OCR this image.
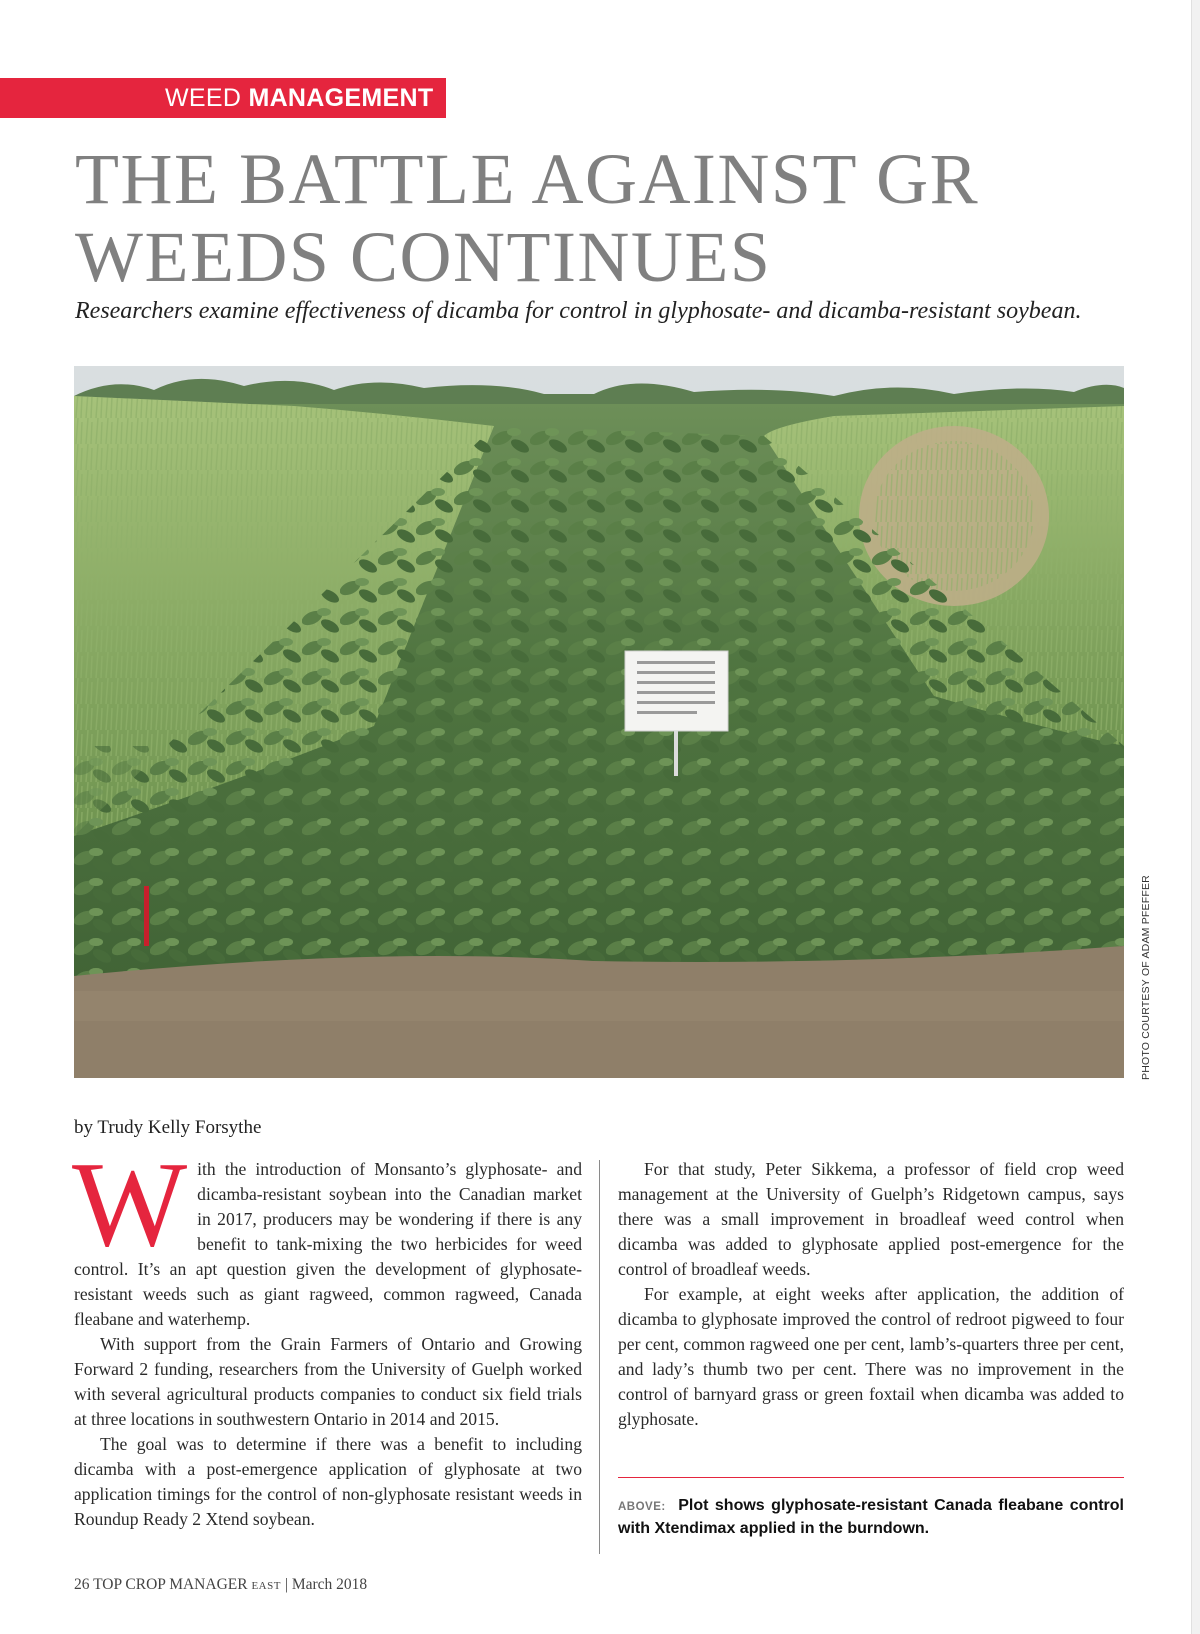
WEED MANAGEMENT
THE BATTLE AGAINST GR
WEEDS CONTINUES

Researchers examine effectiveness of dicamba for control in glyphosate- and dicamba-resistant soybean.

PHOTO COURTESY OF ADAM PFEFFER
by Trudy Kelly Forsythe

W ith the introduction of Monsanto’s glyphosate- and dicamba-resistant soybean into the Canadian market in 2017, producers may be wondering if there is any benefit to tank-mixing the two herbicides for weed control. It’s an apt question given the development of glyphosate-resistant weeds such as giant ragweed, common ragweed, Canada fleabane and waterhemp.

With support from the Grain Farmers of Ontario and Growing Forward 2 funding, researchers from the University of Guelph worked with several agricultural products companies to conduct six field trials at three locations in southwestern Ontario in 2014 and 2015.

The goal was to determine if there was a benefit to including dicamba with a post-emergence application of glyphosate at two application timings for the control of non-glyphosate resistant weeds in Roundup Ready 2 Xtend soybean.

For that study, Peter Sikkema, a professor of field crop weed management at the University of Guelph’s Ridgetown campus, says there was a small improvement in broadleaf weed control when dicamba was added to glyphosate applied post-emergence for the control of broadleaf weeds.

For example, at eight weeks after application, the addition of dicamba to glyphosate improved the control of redroot pigweed to four per cent, common ragweed one per cent, lamb’s-quarters three per cent, and lady’s thumb two per cent. There was no improvement in the control of barnyard grass or green foxtail when dicamba was added to glyphosate.

ABOVE: Plot shows glyphosate-resistant Canada fleabane control with Xtendimax applied in the burndown.
26 TOP CROP MANAGER EAST | March 2018
